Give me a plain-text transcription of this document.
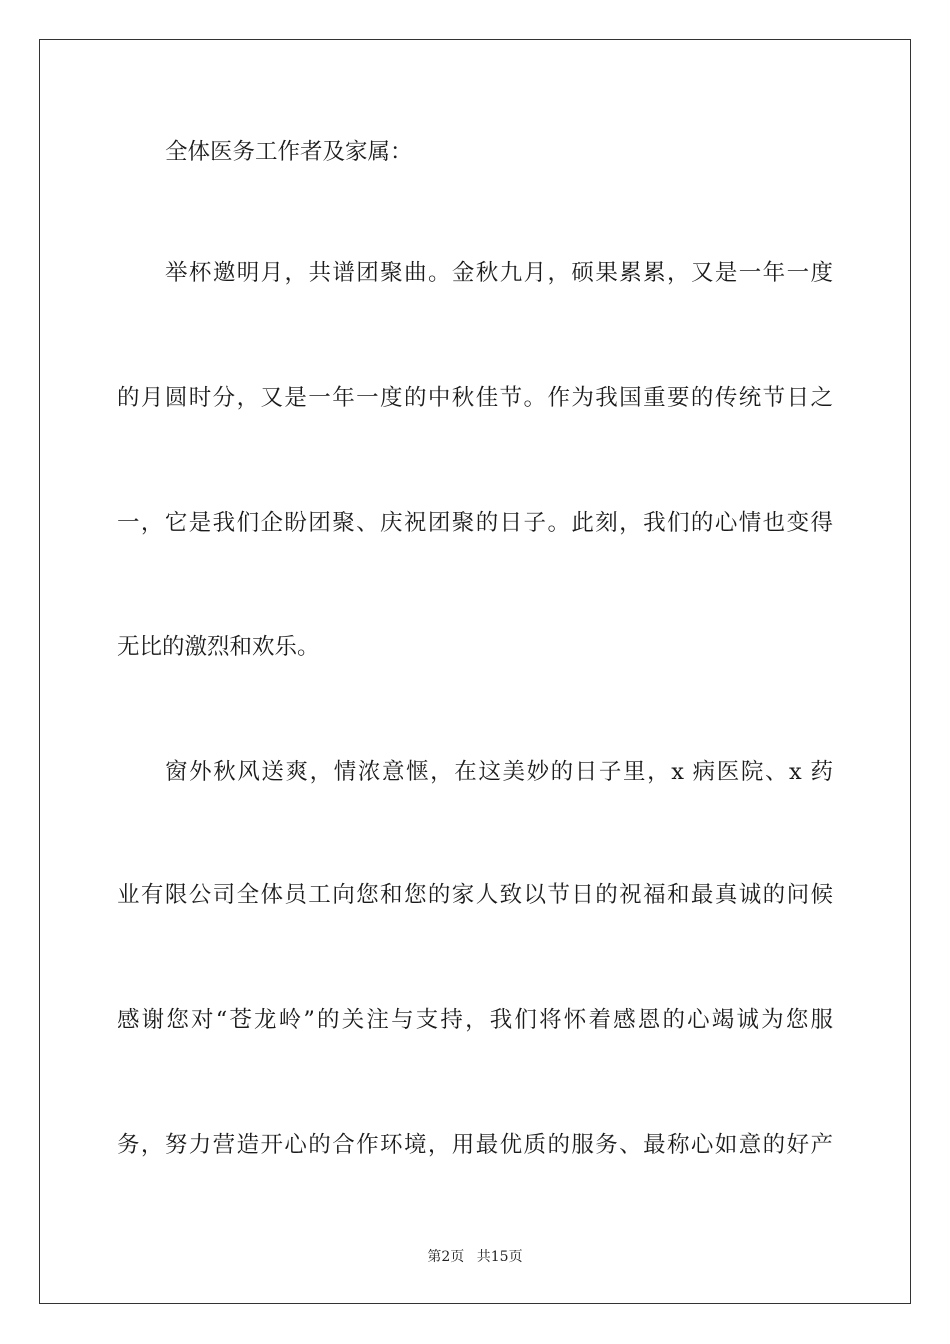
全体医务工作者及家属：
举杯邀明月，共谱团聚曲。金秋九月，硕果累累，又是一年一度
的月圆时分，又是一年一度的中秋佳节。作为我国重要的传统节日之
一，它是我们企盼团聚、庆祝团聚的日子。此刻，我们的心情也变得
无比的激烈和欢乐。
窗外秋风送爽，情浓意惬，在这美妙的日子里，x 病医院、x 药
业有限公司全体员工向您和您的家人致以节日的祝福和最真诚的问候
感谢您对“苍龙岭”的关注与支持，我们将怀着感恩的心竭诚为您服
务，努力营造开心的合作环境，用最优质的服务、最称心如意的好产
第2页 共15页
